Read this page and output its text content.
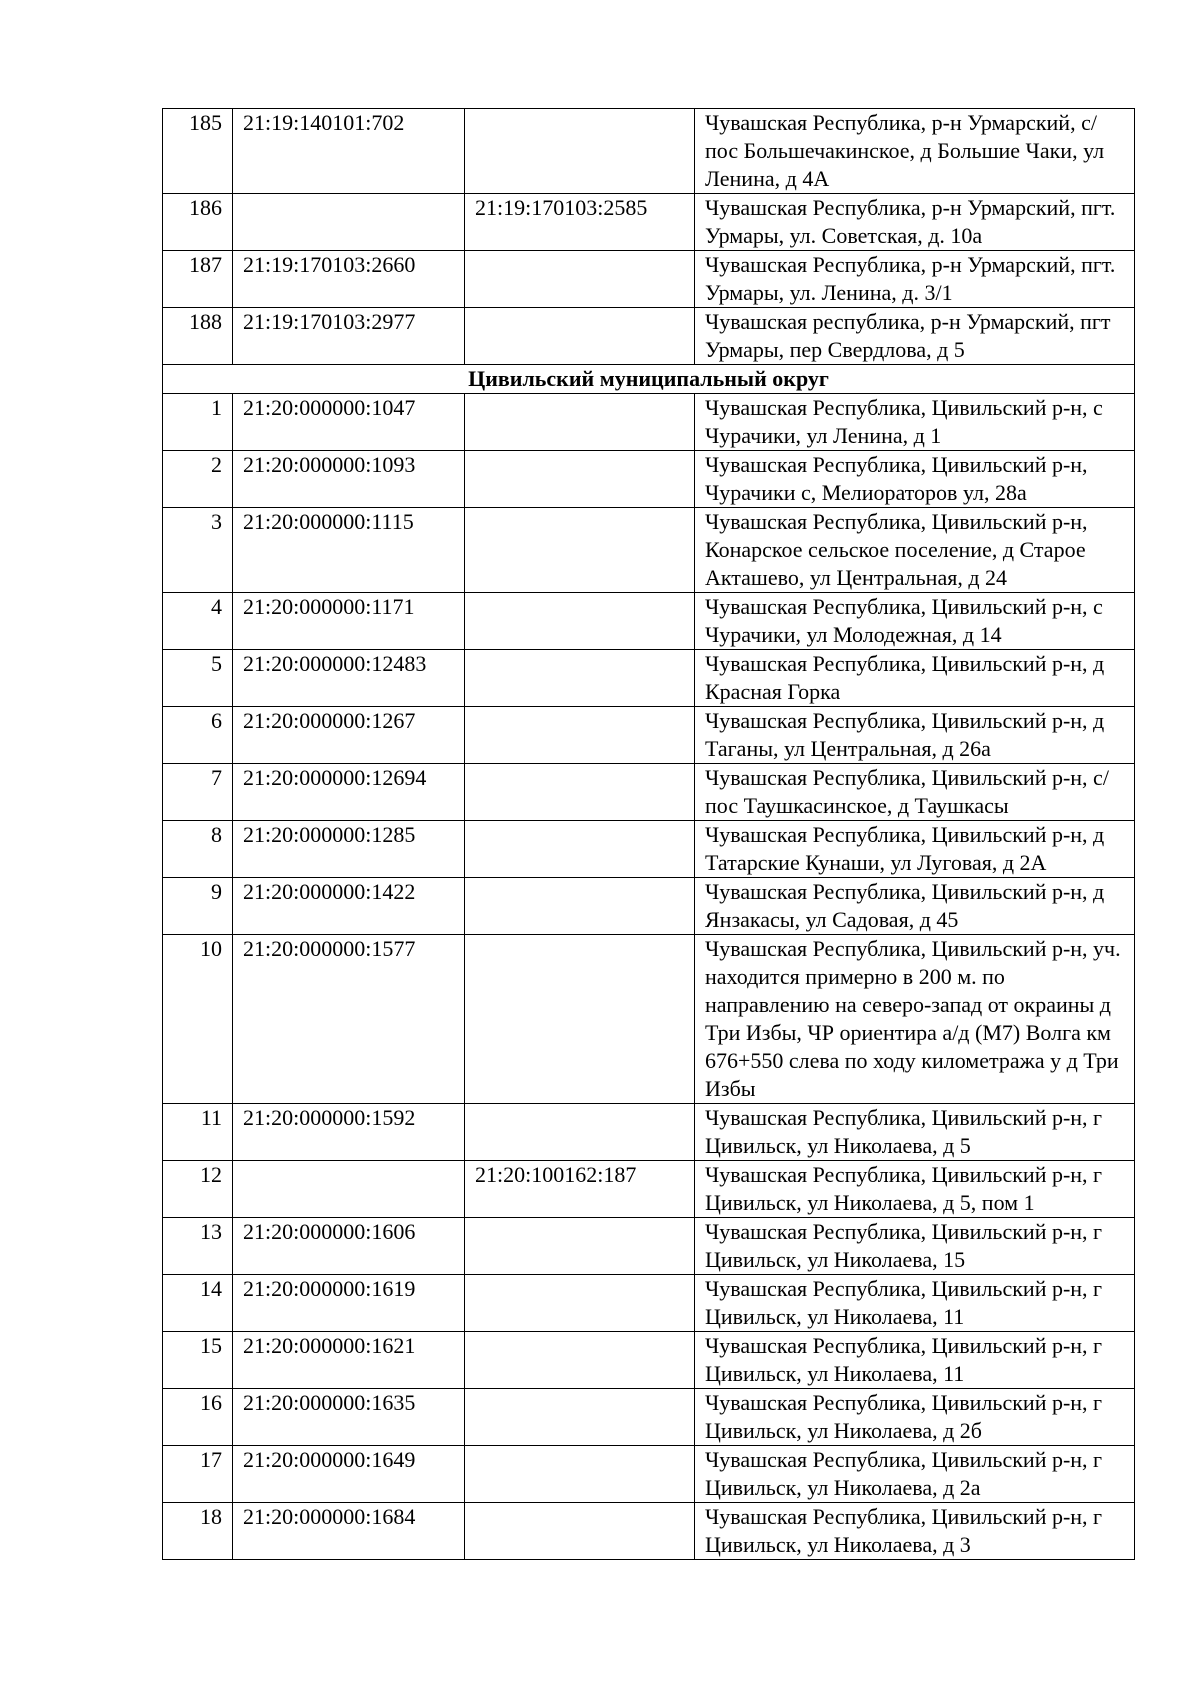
185	21:19:140101:702		Чувашская Республика, р-н Урмарский, с/пос Большечакинское, д Большие Чаки, ул Ленина, д 4А
186		21:19:170103:2585	Чувашская Республика, р-н Урмарский, пгт. Урмары, ул. Советская, д. 10а
187	21:19:170103:2660		Чувашская Республика, р-н Урмарский, пгт. Урмары, ул. Ленина, д. 3/1
188	21:19:170103:2977		Чувашская республика, р-н Урмарский, пгт Урмары, пер Свердлова, д 5
Цивильский муниципальный округ			
1	21:20:000000:1047		Чувашская Республика, Цивильский р-н, с Чурачики, ул Ленина, д 1
2	21:20:000000:1093		Чувашская Республика, Цивильский р-н, Чурачики с, Мелиораторов ул, 28а
3	21:20:000000:1115		Чувашская Республика, Цивильский р-н, Конарское сельское поселение, д Старое Акташево, ул Центральная, д 24
4	21:20:000000:1171		Чувашская Республика, Цивильский р-н, с Чурачики, ул Молодежная, д 14
5	21:20:000000:12483		Чувашская Республика, Цивильский р-н, д Красная Горка
6	21:20:000000:1267		Чувашская Республика, Цивильский р-н, д Таганы, ул Центральная, д 26а
7	21:20:000000:12694		Чувашская Республика, Цивильский р-н, с/пос Таушкасинское, д Таушкасы
8	21:20:000000:1285		Чувашская Республика, Цивильский р-н, д Татарские Кунаши, ул Луговая, д 2А
9	21:20:000000:1422		Чувашская Республика, Цивильский р-н, д Янзакасы, ул Садовая, д 45
10	21:20:000000:1577		Чувашская Республика, Цивильский р-н, уч. находится примерно в 200 м. по направлению на северо-запад от окраины д Три Избы, ЧР ориентира а/д (М7) Волга км 676+550 слева по ходу километража у д Три Избы
11	21:20:000000:1592		Чувашская Республика, Цивильский р-н, г Цивильск, ул Николаева, д 5
12		21:20:100162:187	Чувашская Республика, Цивильский р-н, г Цивильск, ул Николаева, д 5, пом 1
13	21:20:000000:1606		Чувашская Республика, Цивильский р-н, г Цивильск, ул Николаева, 15
14	21:20:000000:1619		Чувашская Республика, Цивильский р-н, г Цивильск, ул Николаева, 11
15	21:20:000000:1621		Чувашская Республика, Цивильский р-н, г Цивильск, ул Николаева, 11
16	21:20:000000:1635		Чувашская Республика, Цивильский р-н, г Цивильск, ул Николаева, д 2б
17	21:20:000000:1649		Чувашская Республика, Цивильский р-н, г Цивильск, ул Николаева, д 2а
18	21:20:000000:1684		Чувашская Республика, Цивильский р-н, г Цивильск, ул Николаева, д 3
